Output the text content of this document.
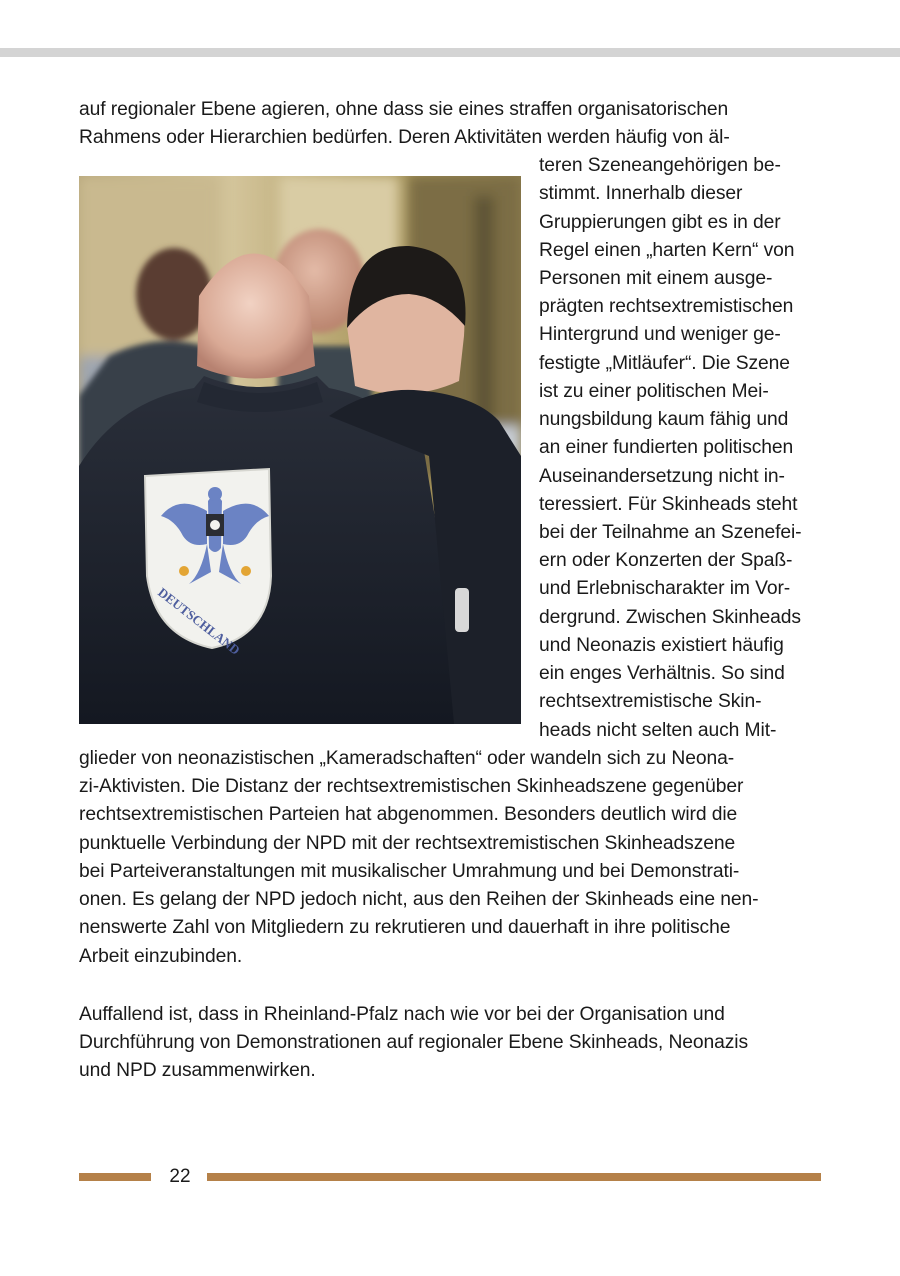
auf regionaler Ebene agieren, ohne dass sie eines straffen organisatorischen
Rahmens oder Hierarchien bedürfen. Deren Aktivitäten werden häufig von äl-
DEUTSCHLAND
teren Szeneangehörigen be-
stimmt. Innerhalb dieser
Gruppierungen gibt es in der
Regel einen „harten Kern“ von
Personen mit einem ausge-
prägten rechtsextremistischen
Hintergrund und weniger ge-
festigte „Mitläufer“. Die Szene
ist zu einer politischen Mei-
nungsbildung kaum fähig und
an einer fundierten politischen
Auseinandersetzung nicht in-
teressiert. Für Skinheads steht
bei der Teilnahme an Szenefei-
ern oder Konzerten der Spaß-
und Erlebnischarakter im Vor-
dergrund. Zwischen Skinheads
und Neonazis existiert häufig
ein enges Verhältnis. So sind
rechtsextremistische Skin-
heads nicht selten auch Mit-
glieder von neonazistischen „Kameradschaften“ oder wandeln sich zu Neona-
zi-Aktivisten. Die Distanz der rechtsextremistischen Skinheadszene gegenüber
rechtsextremistischen Parteien hat abgenommen. Besonders deutlich wird die
punktuelle Verbindung der NPD mit der rechtsextremistischen Skinheadszene
bei Parteiveranstaltungen mit musikalischer Umrahmung und bei Demonstrati-
onen. Es gelang der NPD jedoch nicht, aus den Reihen der Skinheads eine nen-
nenswerte Zahl von Mitgliedern zu rekrutieren und dauerhaft in ihre politische
Arbeit einzubinden.
Auffallend ist, dass in Rheinland-Pfalz nach wie vor bei der Organisation und
Durchführung von Demonstrationen auf regionaler Ebene Skinheads, Neonazis
und NPD zusammenwirken.
22
